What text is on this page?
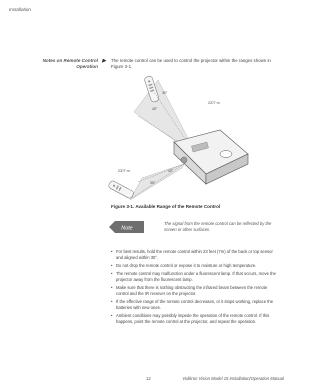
Installation
Notes on Remote Control
Operation
▶ The remote control can be used to control the projector within the ranges shown in Figure 3-1.
23'/7 m
23'/7 m
30°
40°
40°
30°
Figure 3-1. Available Range of the Remote Control
Note
The signal from the remote control can be reflected by the screen or other surfaces.
• For best results, hold the remote control within 23 feet (7m) of the back or top sensor and aligned within 30°.
• Do not drop the remote control or expose it to moisture or high temperature.
• The remote control may malfunction under a fluorescent lamp. If that occurs, move the projector away from the fluorescent lamp.
• Make sure that there is nothing obstructing the infrared beam between the remote control and the IR receiver on the projector.
• If the effective range of the remote control decreases, or it stops working, replace the batteries with new ones.
• Ambient conditions may possibly impede the operation of the remote control. If this happens, point the remote control at the projector, and repeat the operation.
12	Vidikron Vision Model 15 Installation/Operation Manual
